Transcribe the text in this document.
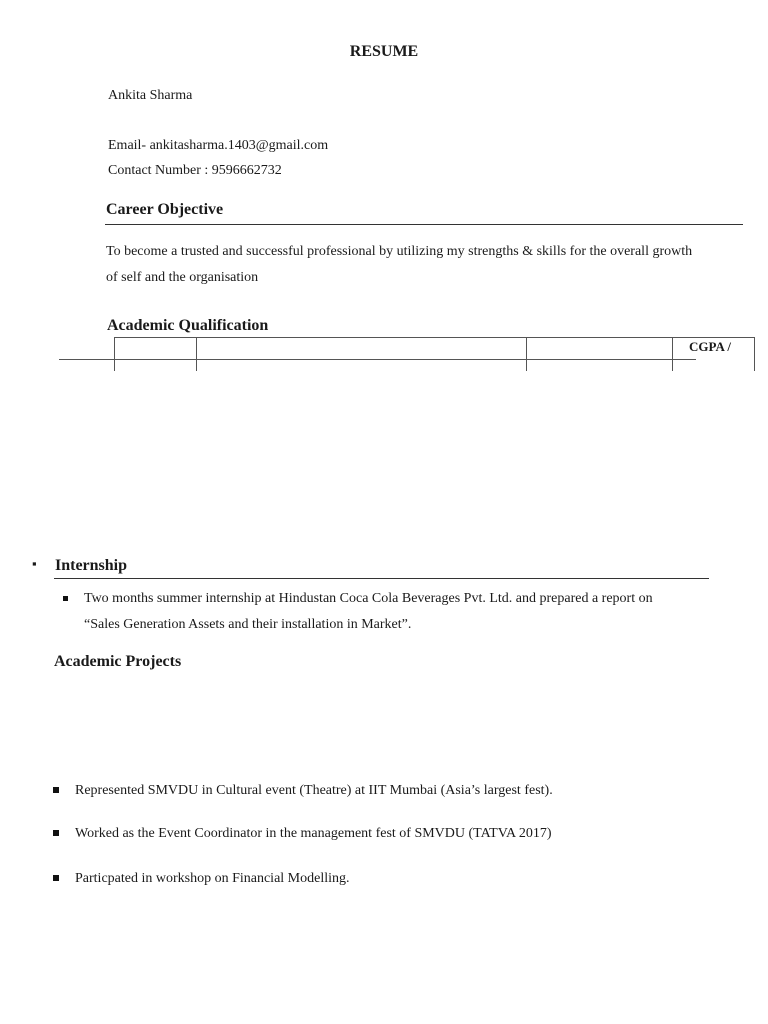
RESUME
Ankita Sharma
Email- ankitasharma.1403@gmail.com
Contact Number : 9596662732
Career Objective
To become a trusted and successful professional by utilizing my strengths & skills for the overall growth
of self and the organisation
Academic Qualification
CGPA /
▪ Internship
Two months summer internship at Hindustan Coca Cola Beverages Pvt. Ltd. and prepared a report on
“Sales Generation Assets and their installation in Market”.
Academic Projects
Represented SMVDU in Cultural event (Theatre) at IIT Mumbai (Asia’s largest fest).
Worked as the Event Coordinator in the management fest of SMVDU (TATVA 2017)
Particpated in workshop on Financial Modelling.
